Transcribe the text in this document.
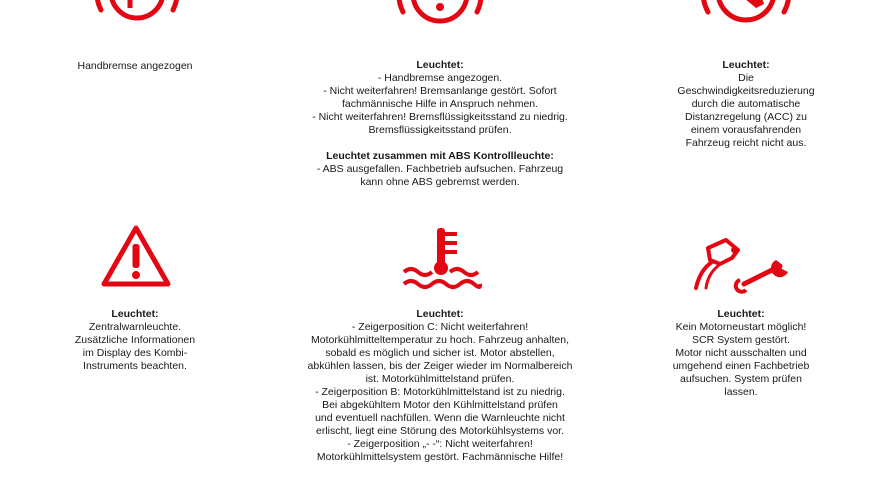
Handbremse angezogen	Leuchtet:
- Handbremse angezogen.
- Nicht weiterfahren! Bremsanlange gestört. Sofort
fachmännische Hilfe in Anspruch nehmen.
- Nicht weiterfahren! Bremsflüssigkeitsstand zu niedrig.
Bremsflüssigkeitsstand prüfen.
Leuchtet zusammen mit ABS Kontrollleuchte:
- ABS ausgefallen. Fachbetrieb aufsuchen. Fahrzeug
kann ohne ABS gebremst werden.
Leuchtet:
Die
Geschwindigkeitsreduzierung
durch die automatische
Distanzregelung (ACC) zu
einem vorausfahrenden
Fahrzeug reicht nicht aus.
Leuchtet:
Zentralwarnleuchte.
Zusätzliche Informationen
im Display des Kombi-
Instruments beachten.
Leuchtet:
- Zeigerposition C: Nicht weiterfahren!
Motorkühlmitteltemperatur zu hoch. Fahrzeug anhalten,
sobald es möglich und sicher ist. Motor abstellen,
abkühlen lassen, bis der Zeiger wieder im Normalbereich
ist. Motorkühlmittelstand prüfen.
- Zeigerposition B: Motorkühlmittelstand ist zu niedrig.
Bei abgekühltem Motor den Kühlmittelstand prüfen
und eventuell nachfüllen. Wenn die Warnleuchte nicht
erlischt, liegt eine Störung des Motorkühlsystems vor.
- Zeigerposition „- -“: Nicht weiterfahren!
Motorkühlmittelsystem gestört. Fachmännische Hilfe!
Leuchtet:
Kein Motorneustart möglich!
SCR System gestört.
Motor nicht ausschalten und
umgehend einen Fachbetrieb
aufsuchen. System prüfen
lassen.
